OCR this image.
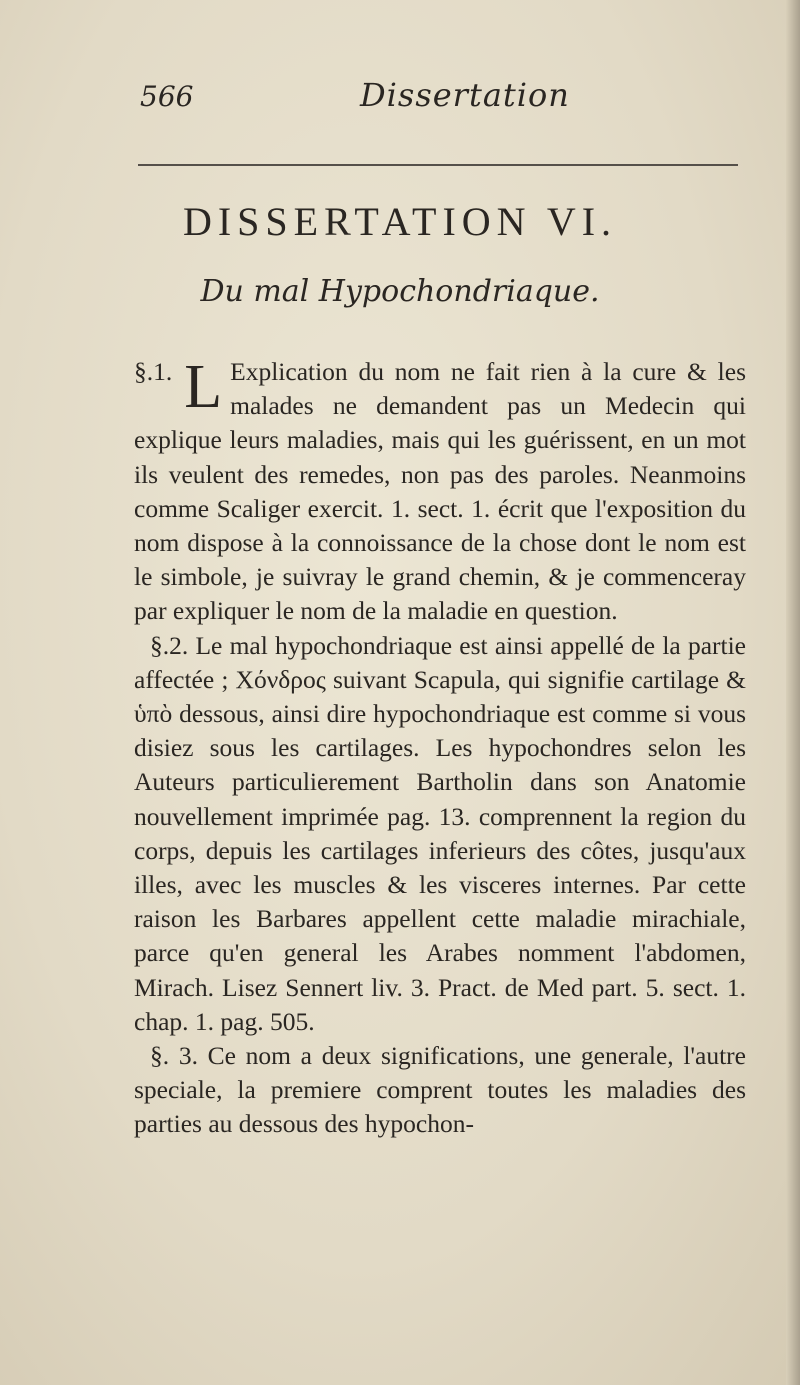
566	Dissertation
DISSERTATION VI.
Du mal Hypochondriaque.

§.1. L Explication du nom ne fait rien à la cure & les malades ne demandent pas un Medecin qui explique leurs maladies, mais qui les guérissent, en un mot ils veulent des remedes, non pas des paroles. Neanmoins comme Scaliger exercit. 1. sect. 1. écrit que l'exposition du nom dispose à la connoissance de la chose dont le nom est le simbole, je suivray le grand chemin, & je commenceray par expliquer le nom de la maladie en question.

§.2. Le mal hypochondriaque est ainsi appellé de la partie affectée ; Χόνδρος suivant Scapula, qui signifie cartilage & ὑπὸ dessous, ainsi dire hypochondriaque est comme si vous disiez sous les cartilages. Les hypochondres selon les Auteurs particulierement Bartholin dans son Anatomie nouvellement imprimée pag. 13. comprennent la region du corps, depuis les cartilages inferieurs des côtes, jusqu'aux illes, avec les muscles & les visceres internes. Par cette raison les Barbares appellent cette maladie mirachiale, parce qu'en general les Arabes nomment l'abdomen, Mirach. Lisez Sennert liv. 3. Pract. de Med part. 5. sect. 1. chap. 1. pag. 505.

§. 3. Ce nom a deux significations, une generale, l'autre speciale, la premiere comprent toutes les maladies des parties au dessous des hypochon-
